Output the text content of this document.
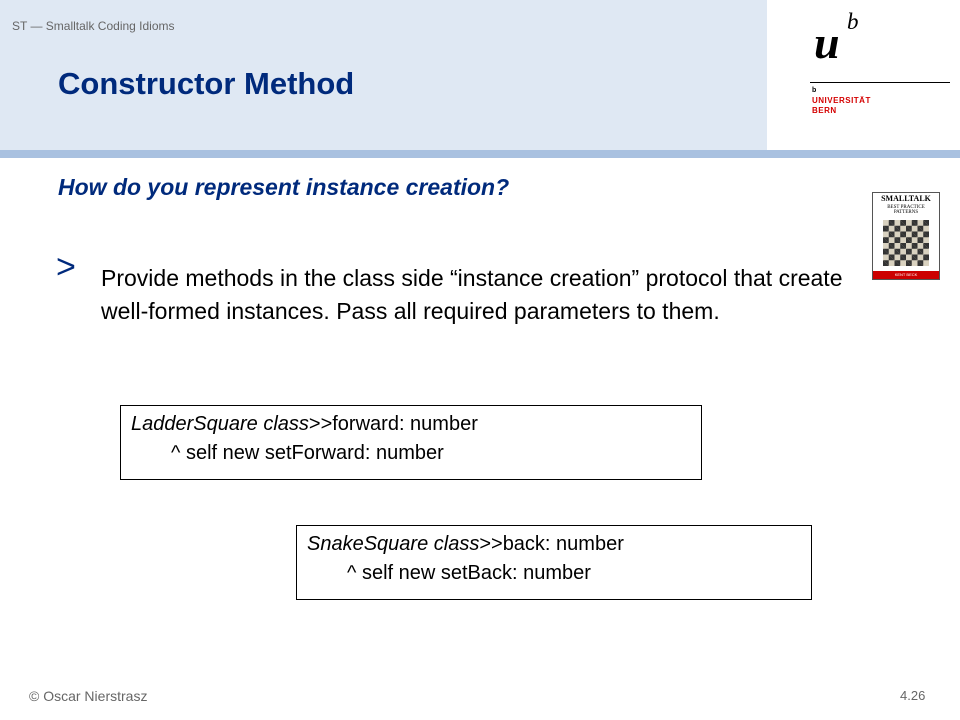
ST — Smalltalk Coding Idioms
Constructor Method
u b
b
UNIVERSITÄT
BERN
How do you represent instance creation?
> Provide methods in the class side “instance creation” protocol that create well-formed instances. Pass all required parameters to them.
SMALLTALK
BEST PRACTICE PATTERNS
KENT BECK
LadderSquare class>>forward: number
^ self new setForward: number
SnakeSquare class>>back: number
^ self new setBack: number
© Oscar Nierstrasz	4.26
